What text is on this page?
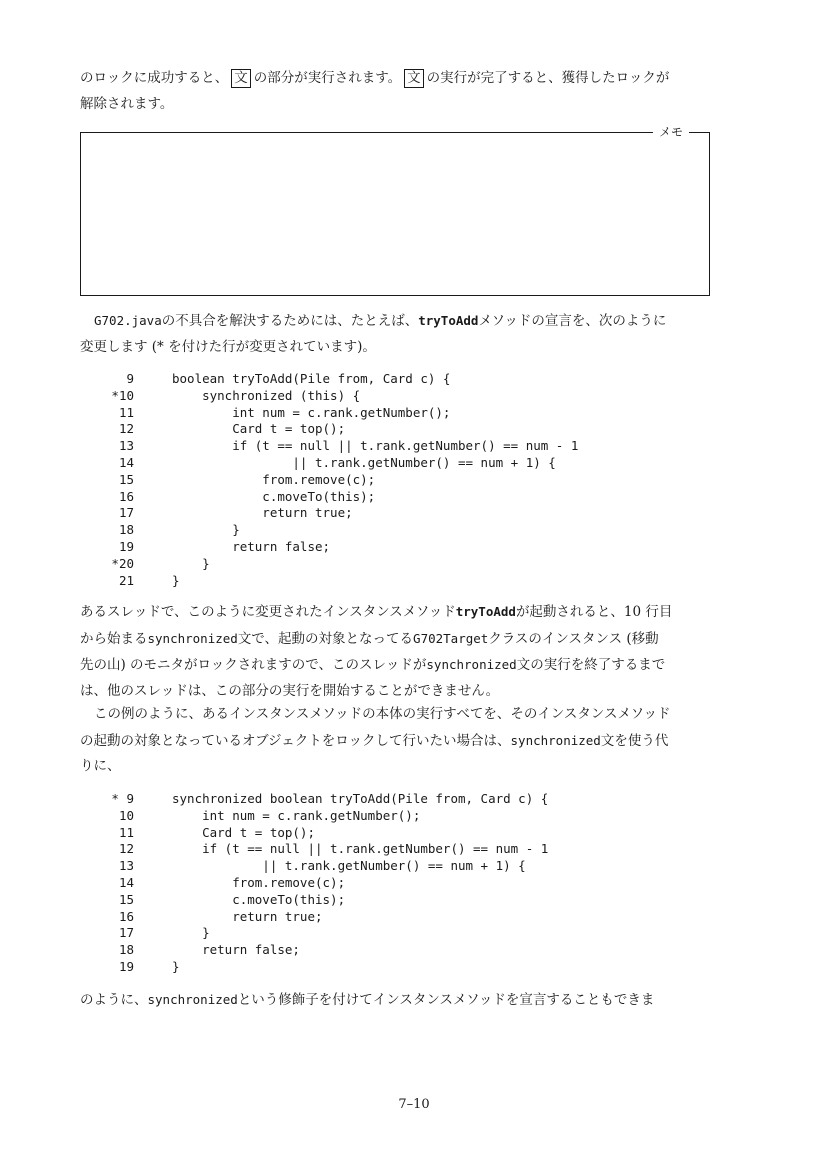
のロックに成功すると、 文 の部分が実行されます。 文 の実行が完了すると、獲得したロックが
解除されます。
メモ
G702.javaの不具合を解決するためには、たとえば、tryToAddメソッドの宣言を、次のように
変更します (* を付けた行が変更されています)。
9	boolean tryToAdd(Pile from, Card c) {
*10	synchronized (this) {
11	int num = c.rank.getNumber();
12	Card t = top();
13	if (t == null || t.rank.getNumber() == num - 1
14	|| t.rank.getNumber() == num + 1) {
15	from.remove(c);
16	c.moveTo(this);
17	return true;
18	}
19	return false;
*20	}
21	}
あるスレッドで、このように変更されたインスタンスメソッドtryToAddが起動されると、10 行目
から始まるsynchronized文で、起動の対象となってるG702Targetクラスのインスタンス (移動
先の山) のモニタがロックされますので、このスレッドがsynchronized文の実行を終了するまで
は、他のスレッドは、この部分の実行を開始することができません。
この例のように、あるインスタンスメソッドの本体の実行すべてを、そのインスタンスメソッド
の起動の対象となっているオブジェクトをロックして行いたい場合は、synchronized文を使う代
りに、
* 9	synchronized boolean tryToAdd(Pile from, Card c) {
10	int num = c.rank.getNumber();
11	Card t = top();
12	if (t == null || t.rank.getNumber() == num - 1
13	|| t.rank.getNumber() == num + 1) {
14	from.remove(c);
15	c.moveTo(this);
16	return true;
17	}
18	return false;
19	}
のように、synchronizedという修飾子を付けてインスタンスメソッドを宣言することもできま
7–10
